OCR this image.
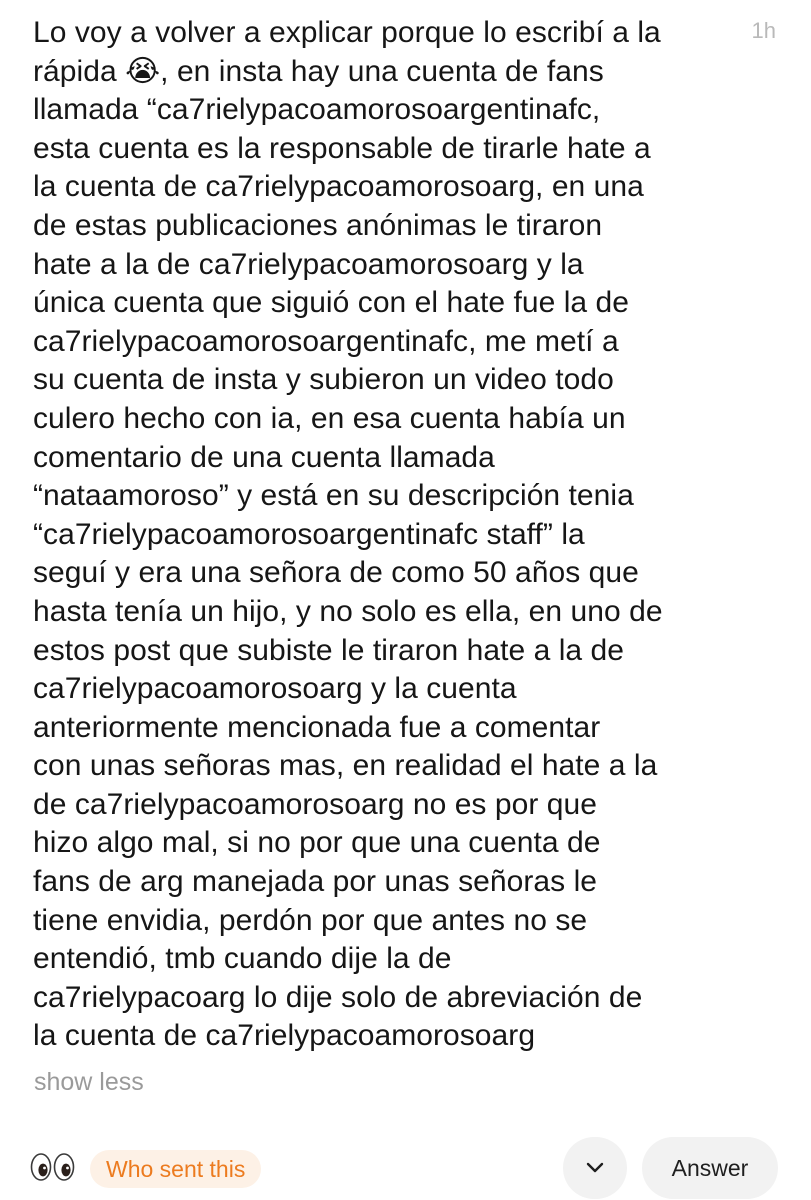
1h
Lo voy a volver a explicar porque lo escribí a la
rápida 😭, en insta hay una cuenta de fans
llamada “ca7rielypacoamorosoargentinafc,
esta cuenta es la responsable de tirarle hate a
la cuenta de ca7rielypacoamorosoarg, en una
de estas publicaciones anónimas le tiraron
hate a la de ca7rielypacoamorosoarg y la
única cuenta que siguió con el hate fue la de
ca7rielypacoamorosoargentinafc, me metí a
su cuenta de insta y subieron un video todo
culero hecho con ia, en esa cuenta había un
comentario de una cuenta llamada
“nataamoroso” y está en su descripción tenia
“ca7rielypacoamorosoargentinafc staff” la
seguí y era una señora de como 50 años que
hasta tenía un hijo, y no solo es ella, en uno de
estos post que subiste le tiraron hate a la de
ca7rielypacoamorosoarg y la cuenta
anteriormente mencionada fue a comentar
con unas señoras mas, en realidad el hate a la
de ca7rielypacoamorosoarg no es por que
hizo algo mal, si no por que una cuenta de
fans de arg manejada por unas señoras le
tiene envidia, perdón por que antes no se
entendió, tmb cuando dije la de
ca7rielypacoarg lo dije solo de abreviación de
la cuenta de ca7rielypacoamorosoarg
show less
Who sent this	Answer
